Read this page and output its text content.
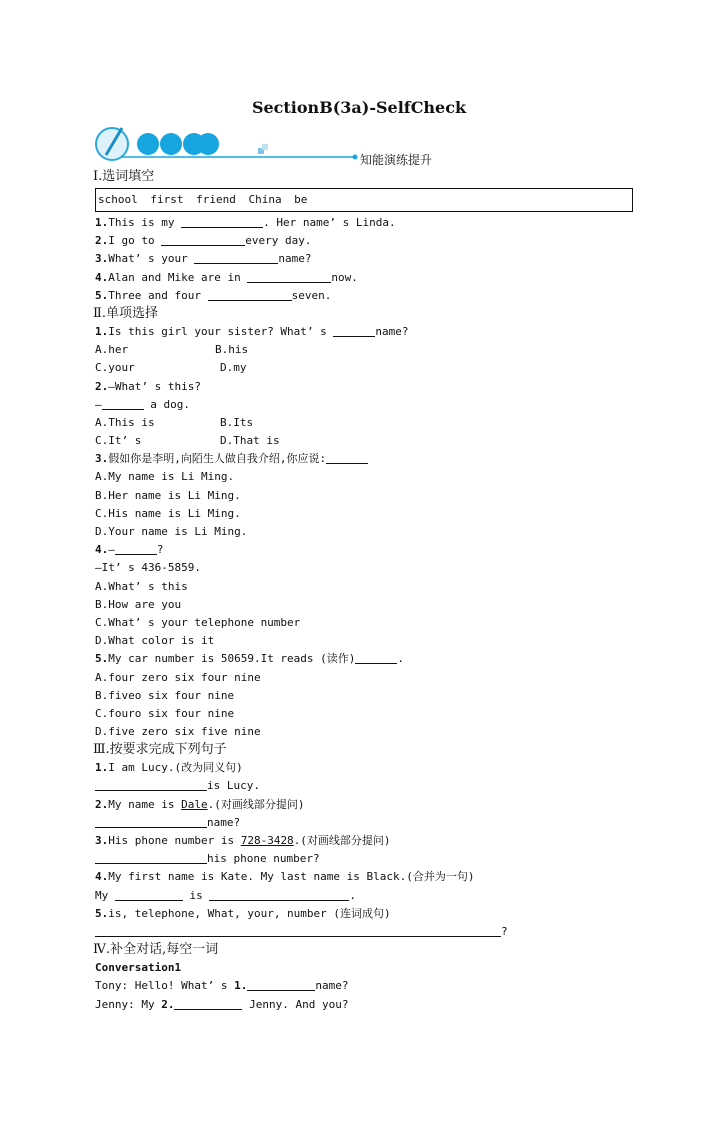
SectionB(3a)-SelfCheck
知能演练提升
Ⅰ.选词填空
school first friend China be
1.This is my	. Her name’ s Linda.
2.I go to	every day.
3.What’ s your	name?
4.Alan and Mike are in	now.
5.Three and four	seven.
Ⅱ.单项选择
1.Is this girl your sister? What’ s	name?
A.her	B.his
C.your	D.my
2.—What’ s this?
—	a dog.
A.This is	B.Its
C.It’ s	D.That is
3.假如你是李明,向陌生人做自我介绍,你应说:
A.My name is Li Ming.
B.Her name is Li Ming.
C.His name is Li Ming.
D.Your name is Li Ming.
4.—	?
—It’ s 436-5859.
A.What’ s this
B.How are you
C.What’ s your telephone number
D.What color is it
5.My car number is 50659.It reads (读作)	.
A.four zero six four nine
B.fiveo six four nine
C.fouro six four nine
D.five zero six five nine
Ⅲ.按要求完成下列句子
1.I am Lucy.(改为同义句)
is Lucy.
2.My name is Dale.(对画线部分提问)
name?
3.His phone number is 728-3428.(对画线部分提问)
his phone number?
4.My first name is Kate. My last name is Black.(合并为一句)
My	is	.
5.is, telephone, What, your, number (连词成句)
?
Ⅳ.补全对话,每空一词
Conversation1
Tony: Hello! What’ s 1.	name?
Jenny: My 2.	Jenny. And you?
